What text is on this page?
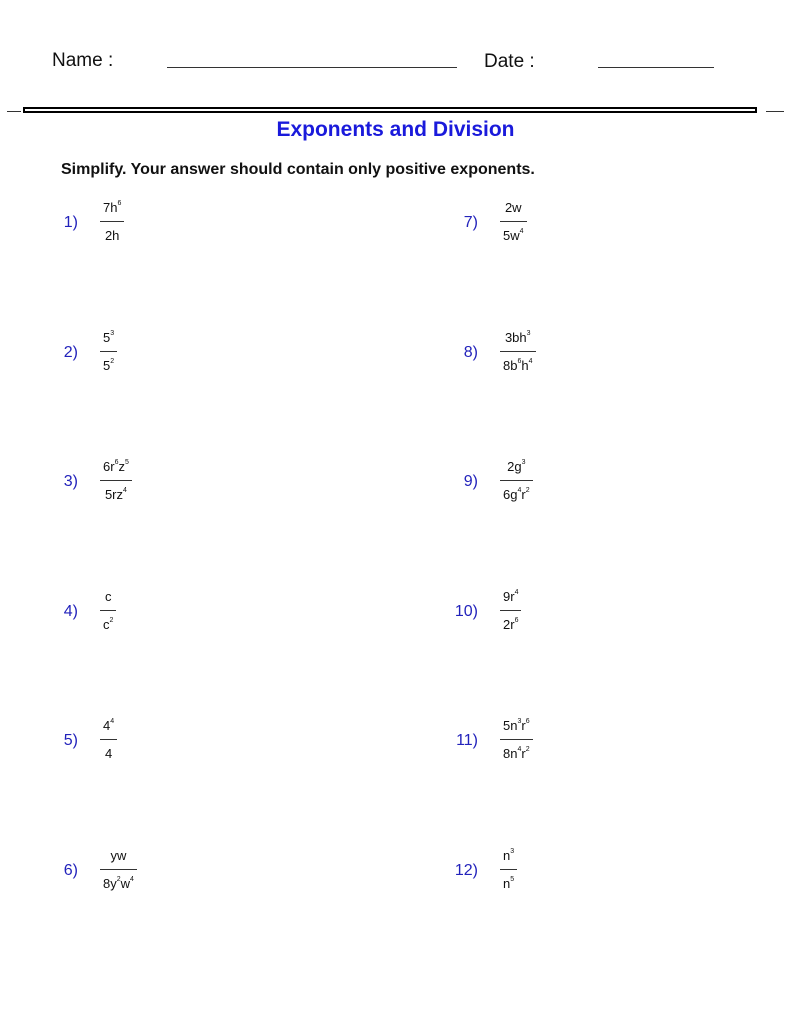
Name :	Date :
Exponents and Division
Simplify. Your answer should contain only positive exponents.
1)
$7h^6$
2h
2)
$5^3$
$5^2$
3)
$6r^6z^5$
$5rz^4$
4)
c
$c^2$
5)
$4^4$
4
6)
yw
$8y^2w^4$
7)
2w
$5w^4$
8)
$3bh^3$
$8b^6h^4$
9)
$2g^3$
$6g^4r^2$
10)
$9r^4$
$2r^6$
11)
$5n^3r^6$
$8n^4r^2$
12)
$n^3$
$n^5$
